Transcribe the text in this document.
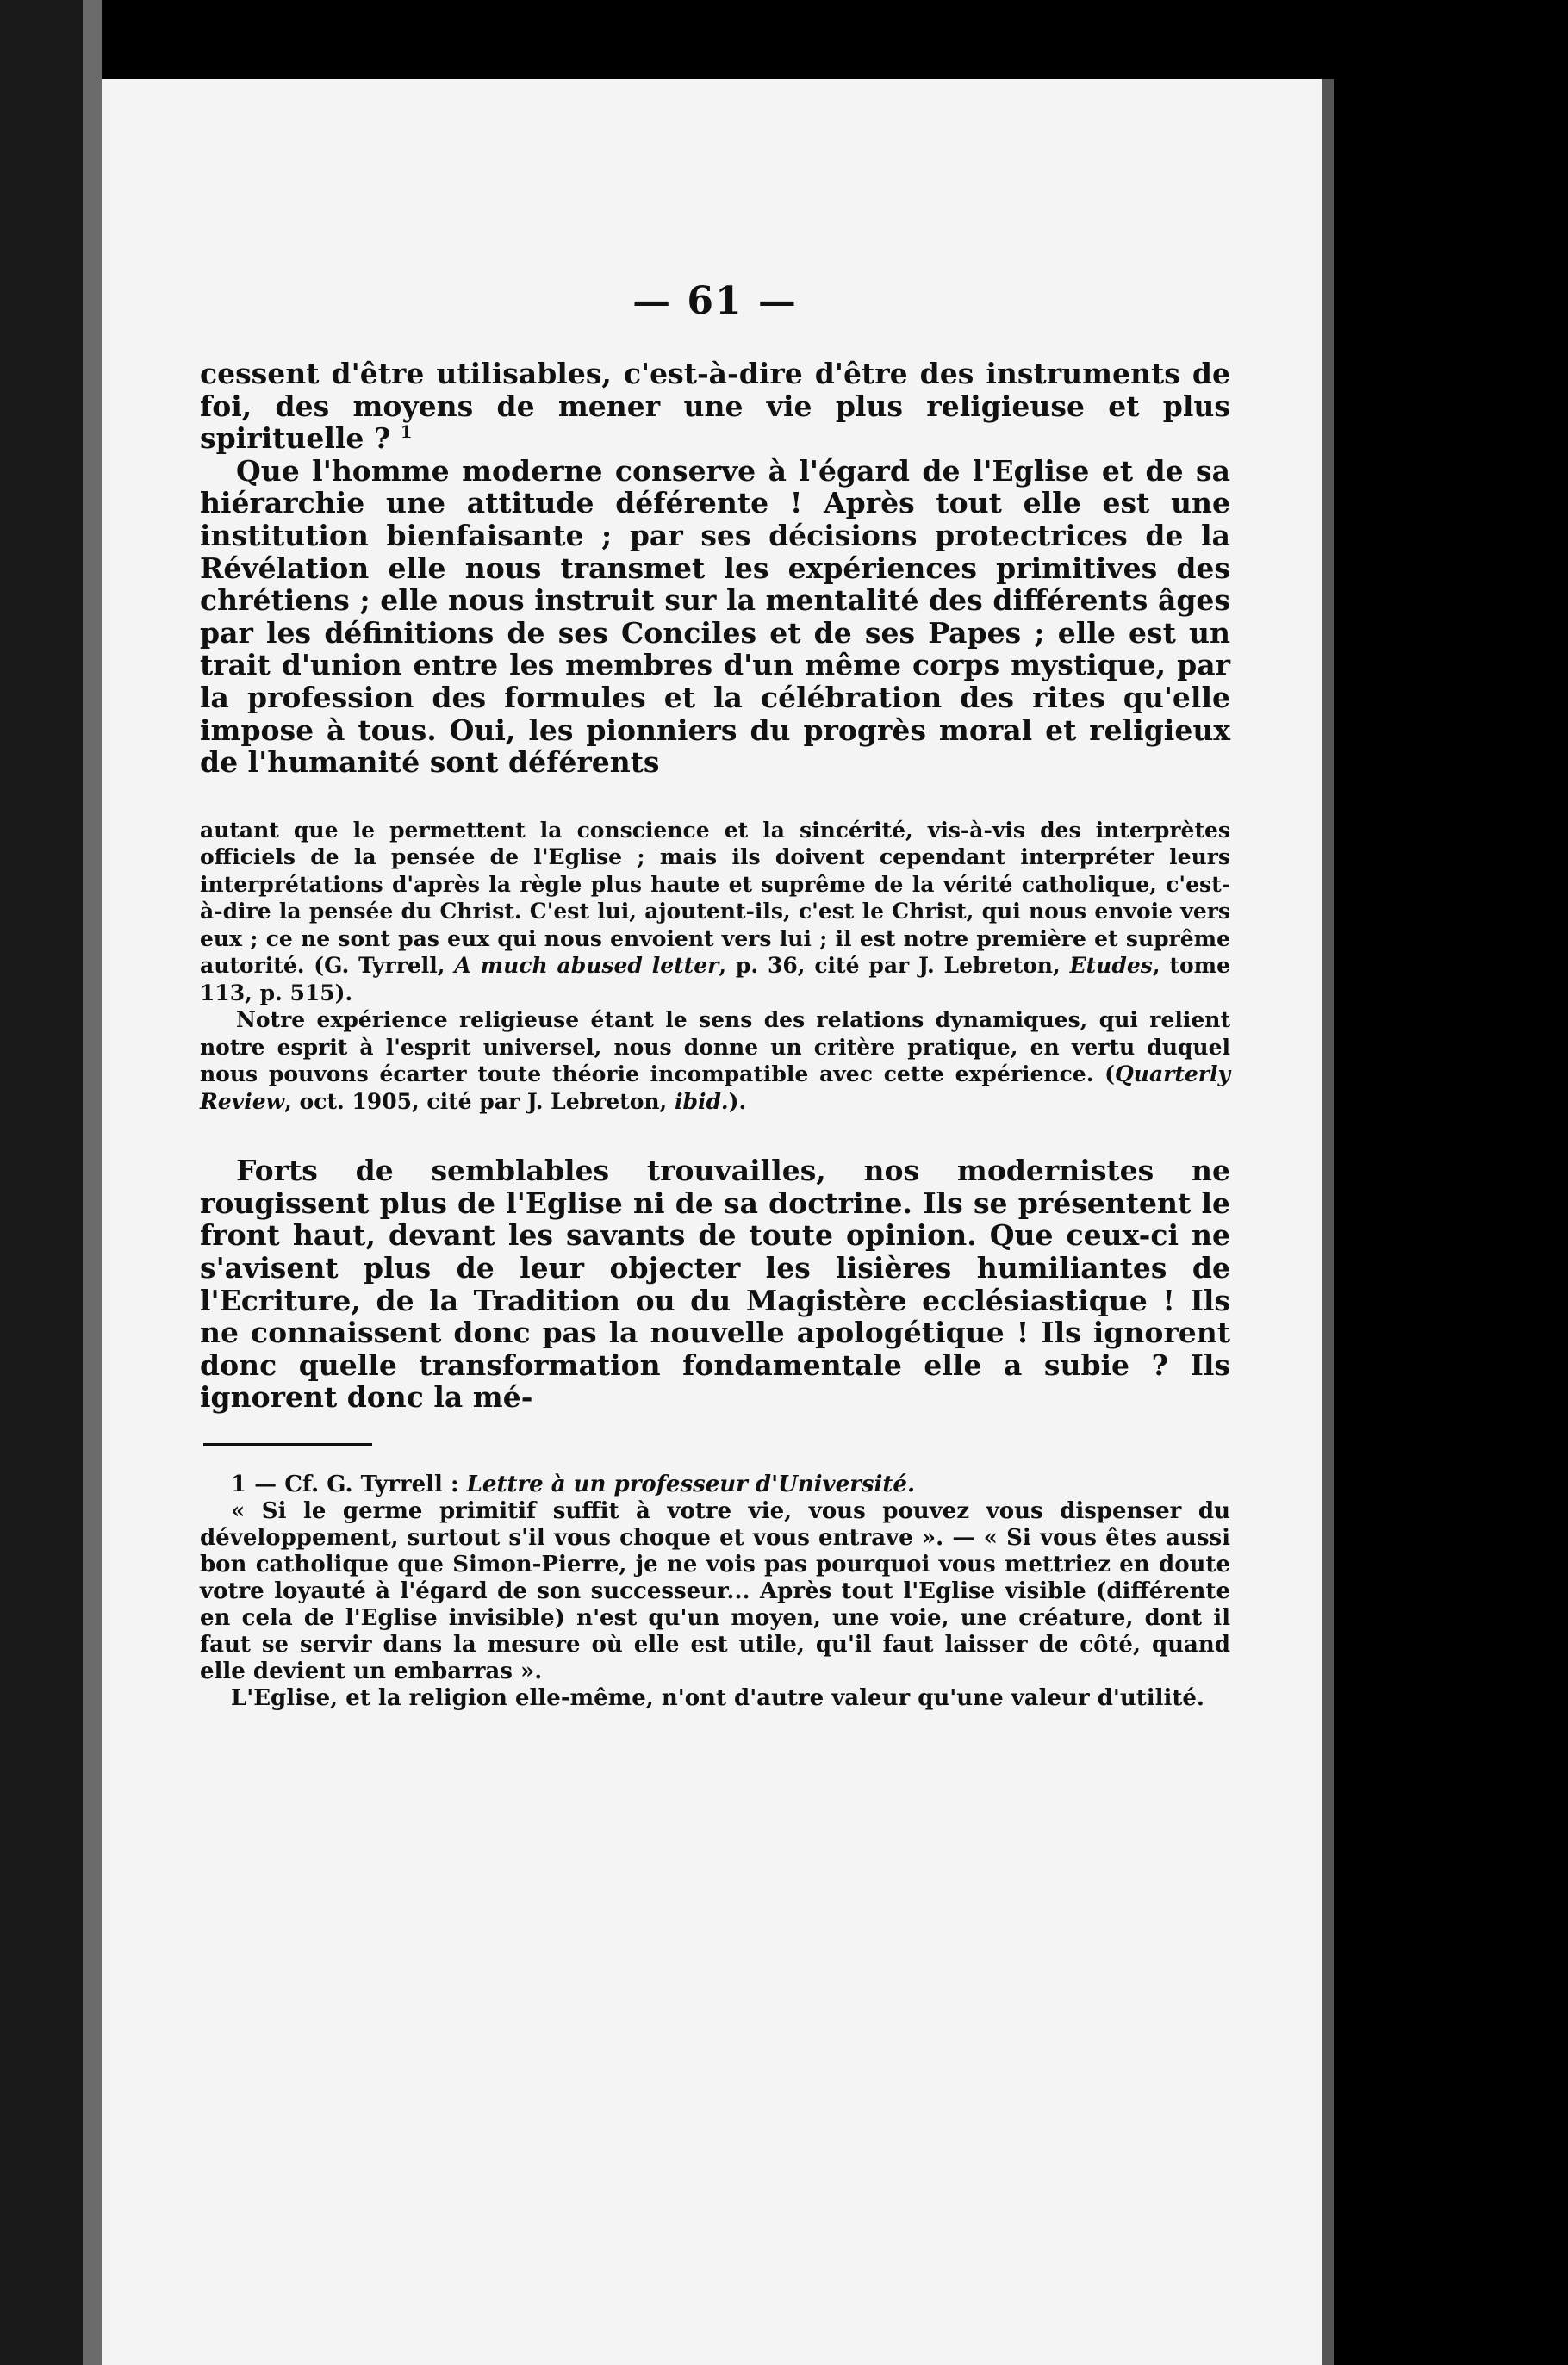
— 61 —

cessent d'être utilisables, c'est-à-dire d'être des instruments de foi, des moyens de mener une vie plus religieuse et plus spirituelle ? $^1$

Que l'homme moderne conserve à l'égard de l'Eglise et de sa hiérarchie une attitude déférente ! Après tout elle est une institution bienfaisante ; par ses décisions protectrices de la Révélation elle nous transmet les expériences primitives des chrétiens ; elle nous instruit sur la mentalité des différents âges par les définitions de ses Conciles et de ses Papes ; elle est un trait d'union entre les membres d'un même corps mystique, par la profession des formules et la célébration des rites qu'elle impose à tous. Oui, les pionniers du progrès moral et religieux de l'humanité sont déférents

autant que le permettent la conscience et la sincérité, vis-à-vis des interprètes officiels de la pensée de l'Eglise ; mais ils doivent cependant interpréter leurs interprétations d'après la règle plus haute et suprême de la vérité catholique, c'est-à-dire la pensée du Christ. C'est lui, ajoutent-ils, c'est le Christ, qui nous envoie vers eux ; ce ne sont pas eux qui nous envoient vers lui ; il est notre première et suprême autorité. (G. Tyrrell, A much abused letter, p. 36, cité par J. Lebreton, Etudes, tome 113, p. 515).

Notre expérience religieuse étant le sens des relations dynamiques, qui relient notre esprit à l'esprit universel, nous donne un critère pratique, en vertu duquel nous pouvons écarter toute théorie incompatible avec cette expérience. (Quarterly Review, oct. 1905, cité par J. Lebreton, ibid.).

Forts de semblables trouvailles, nos modernistes ne rougissent plus de l'Eglise ni de sa doctrine. Ils se présentent le front haut, devant les savants de toute opinion. Que ceux-ci ne s'avisent plus de leur objecter les lisières humiliantes de l'Ecriture, de la Tradition ou du Magistère ecclésiastique ! Ils ne connaissent donc pas la nouvelle apologétique ! Ils ignorent donc quelle transformation fondamentale elle a subie ? Ils ignorent donc la mé-

1 — Cf. G. Tyrrell : Lettre à un professeur d'Université.

« Si le germe primitif suffit à votre vie, vous pouvez vous dispenser du développement, surtout s'il vous choque et vous entrave ». — « Si vous êtes aussi bon catholique que Simon-Pierre, je ne vois pas pourquoi vous mettriez en doute votre loyauté à l'égard de son successeur... Après tout l'Eglise visible (différente en cela de l'Eglise invisible) n'est qu'un moyen, une voie, une créature, dont il faut se servir dans la mesure où elle est utile, qu'il faut laisser de côté, quand elle devient un embarras ».

L'Eglise, et la religion elle-même, n'ont d'autre valeur qu'une valeur d'utilité.
